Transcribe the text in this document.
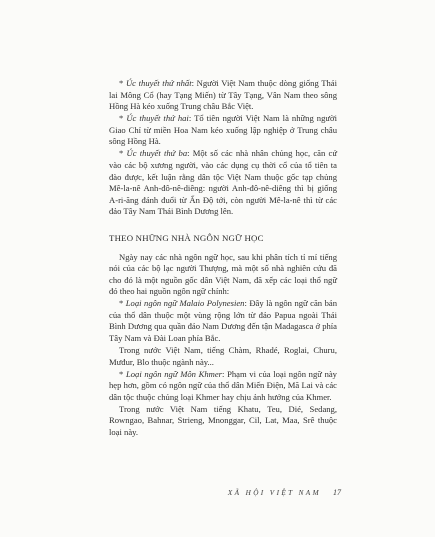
* Úc thuyết thứ nhất: Người Việt Nam thuộc dòng giống Thái lai Mông Cổ (hay Tạng Miến) từ Tây Tạng, Vân Nam theo sông Hồng Hà kéo xuống Trung châu Bắc Việt.

* Úc thuyết thứ hai: Tổ tiên người Việt Nam là những người Giao Chỉ từ miền Hoa Nam kéo xuống lập nghiệp ở Trung châu sông Hồng Hà.

* Úc thuyết thứ ba: Một số các nhà nhân chủng học, căn cứ vào các bộ xương người, vào các dụng cụ thời cổ của tổ tiên ta đào được, kết luận rằng dân tộc Việt Nam thuộc gốc tạp chủng Mê-la-nê Anh-đô-nê-diêng: người Anh-đô-nê-diêng thì bị giống A-ri-ăng đánh đuổi từ Ấn Độ tới, còn người Mê-la-nê thì từ các đảo Tây Nam Thái Bình Dương lên.

THEO NHỮNG NHÀ NGÔN NGỮ HỌC

Ngày nay các nhà ngôn ngữ học, sau khi phân tích tỉ mỉ tiếng nói của các bộ lạc người Thượng, mà một số nhà nghiên cứu đã cho đó là một nguồn gốc dân Việt Nam, đã xếp các loại thổ ngữ đó theo hai nguồn ngôn ngữ chính:

* Loại ngôn ngữ Malaio Polynesien: Đây là ngôn ngữ căn bản của thổ dân thuộc một vùng rộng lớn từ đảo Papua ngoài Thái Bình Dương qua quần đảo Nam Dương đến tận Madagasca ở phía Tây Nam và Đài Loan phía Bắc.

Trong nước Việt Nam, tiếng Chàm, Rhadé, Roglai, Churu, Mưđur, Blo thuộc ngành này...

* Loại ngôn ngữ Môn Khmer: Phạm vi của loại ngôn ngữ này hẹp hơn, gồm có ngôn ngữ của thổ dân Miến Điện, Mã Lai và các dân tộc thuộc chủng loại Khmer hay chịu ảnh hưởng của Khmer.

Trong nước Việt Nam tiếng Khatu, Teu, Dié, Sedang, Rowngao, Bahnar, Strieng, Mnonggar, Cil, Lat, Maa, Srê thuộc loại này.

XÃ HỘI VIỆT NAM 17
